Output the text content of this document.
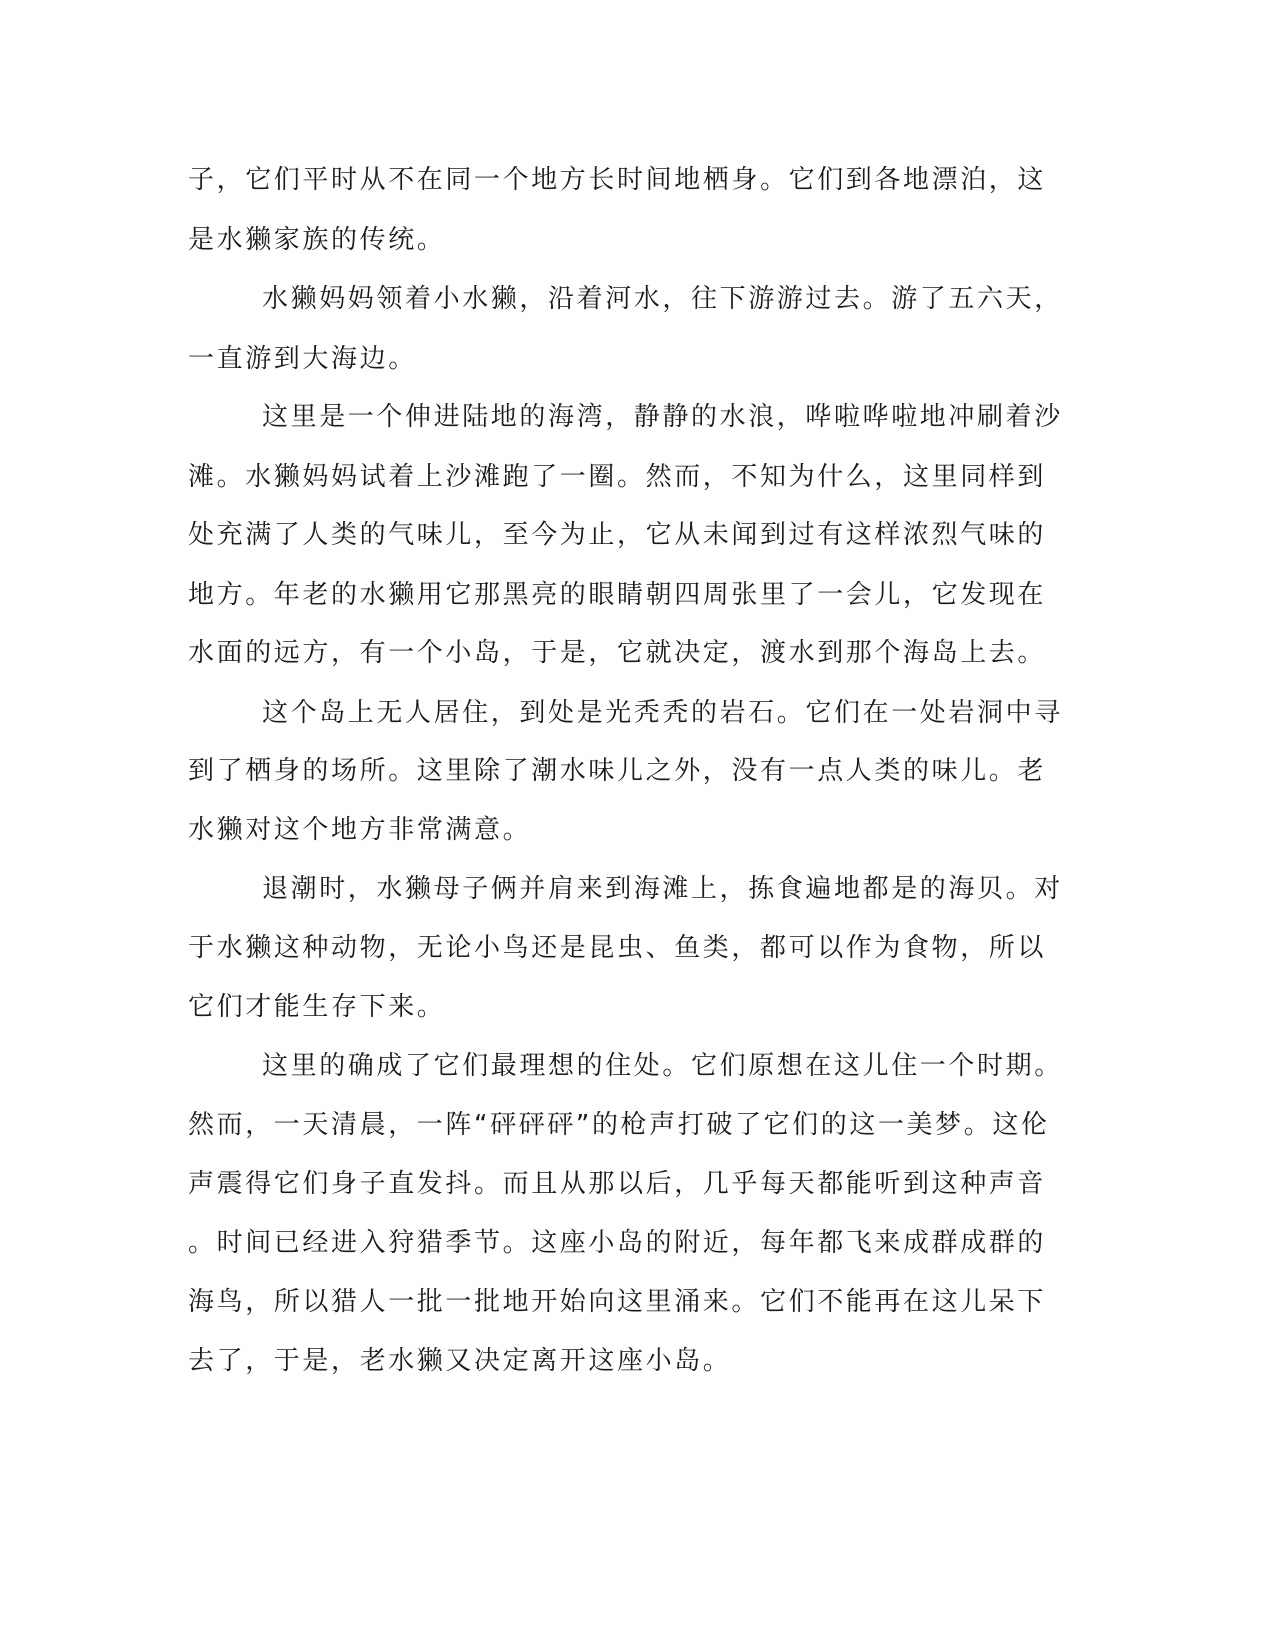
子，它们平时从不在同一个地方长时间地栖身。它们到各地漂泊，这

是水獭家族的传统。

水獭妈妈领着小水獭，沿着河水，往下游游过去。游了五六天，

一直游到大海边。

这里是一个伸进陆地的海湾，静静的水浪，哗啦哗啦地冲刷着沙

滩。水獭妈妈试着上沙滩跑了一圈。然而，不知为什么，这里同样到

处充满了人类的气味儿，至今为止，它从未闻到过有这样浓烈气味的

地方。年老的水獭用它那黑亮的眼睛朝四周张里了一会儿，它发现在

水面的远方，有一个小岛，于是，它就决定，渡水到那个海岛上去。

这个岛上无人居住，到处是光秃秃的岩石。它们在一处岩洞中寻

到了栖身的场所。这里除了潮水味儿之外，没有一点人类的味儿。老

水獭对这个地方非常满意。

退潮时，水獭母子俩并肩来到海滩上，拣食遍地都是的海贝。对

于水獭这种动物，无论小鸟还是昆虫、鱼类，都可以作为食物，所以

它们才能生存下来。

这里的确成了它们最理想的住处。它们原想在这儿住一个时期。

然而，一天清晨，一阵“砰砰砰”的枪声打破了它们的这一美梦。这伦

声震得它们身子直发抖。而且从那以后，几乎每天都能听到这种声音

。时间已经进入狩猎季节。这座小岛的附近，每年都飞来成群成群的

海鸟，所以猎人一批一批地开始向这里涌来。它们不能再在这儿呆下

去了，于是，老水獭又决定离开这座小岛。
